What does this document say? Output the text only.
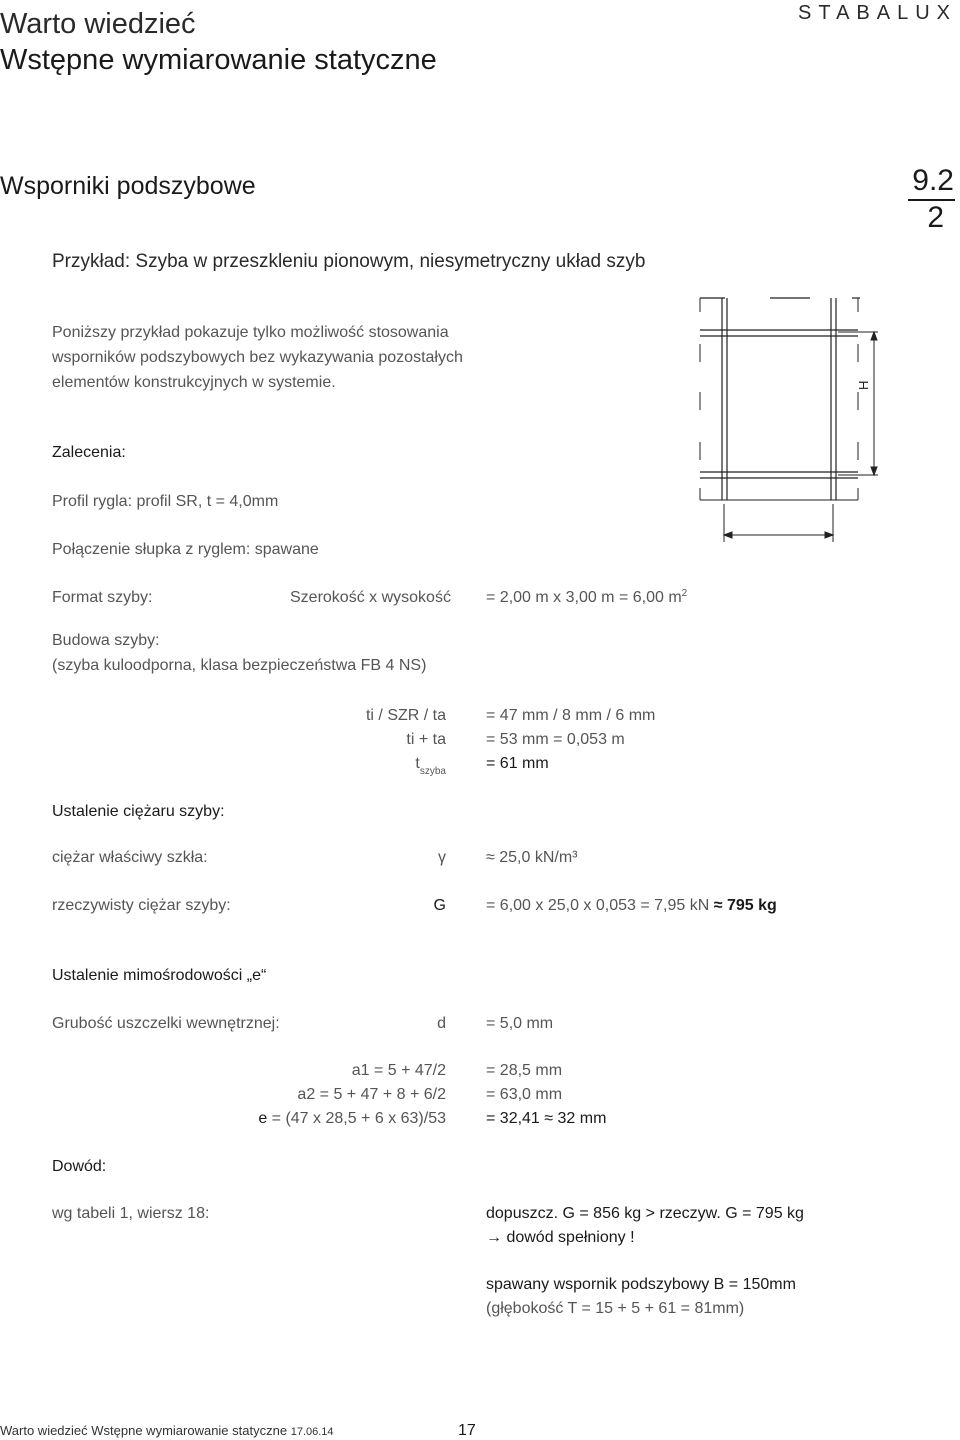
Warto wiedzieć
Wstępne wymiarowanie statyczne
STABALUX
Wsporniki podszybowe	9.2
2
Przykład: Szyba w przeszkleniu pionowym, niesymetryczny układ szyb
Poniższy przykład pokazuje tylko możliwość stosowania
wsporników podszybowych bez wykazywania pozostałych
elementów konstrukcyjnych w systemie.	H
Zalecenia:
Profil rygla: profil SR, t = 4,0mm
Połączenie słupka z ryglem: spawane
Format szyby:	Szerokość x wysokość = 2,00 m x 3,00 m = 6,00 $m^2$
Budowa szyby:
(szyba kuloodporna, klasa bezpieczeństwa FB 4 NS)
ti / SZR / ta	= 47 mm / 8 mm / 6 mm
ti + ta	= 53 mm = 0,053 m
$t_{szyba}$	= 61 mm
Ustalenie ciężaru szyby:
ciężar właściwy szkła:	γ	≈ 25,0 kN/m³
rzeczywisty ciężar szyby:	G	= 6,00 x 25,0 x 0,053 = 7,95 kN ≈ 795 kg
Ustalenie mimośrodowości „e“
Grubość uszczelki wewnętrznej:	d	= 5,0 mm
a1 = 5 + 47/2	= 28,5 mm
a2 = 5 + 47 + 8 + 6/2	= 63,0 mm
e = (47 x 28,5 + 6 x 63)/53	= 32,41 ≈ 32 mm
Dowód:
wg tabeli 1, wiersz 18:	dopuszcz. G = 856 kg > rzeczyw. G = 795 kg
→ dowód spełniony !
spawany wspornik podszybowy B = 150mm
(głębokość T = 15 + 5 + 61 = 81mm)
Warto wiedzieć Wstępne wymiarowanie statyczne 17.06.14	17
